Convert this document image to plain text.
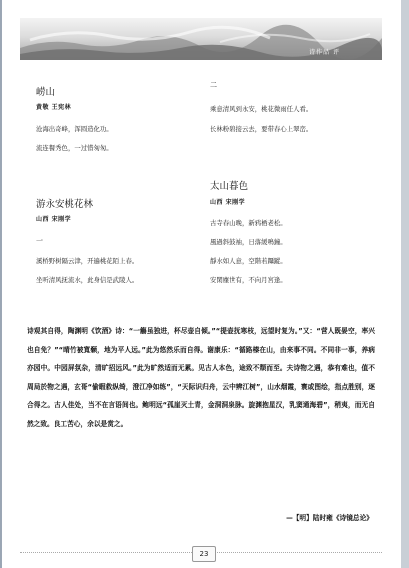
诗作品 评
崂山
黄敬 王宪林
沧海出奇峰，浑圆造化功。
流连餐秀色，一过惜匆匆。
游永安桃花林
山西 宋刚学
一
溪桥野树隔云津，开遍桃花陌上春。
坐听清风抚流水，此身信是武陵人。
二
乘意清风到永安，桃花微雨任人看。
长林粉碧接云去，要带春心上翠峦。
太山暮色
山西 宋刚学
古寺春山晚，新鸦栖老松。
風過斜鼓袖，日落緩鳴鐘。
靜水如人意，空階若躡蹤。
安閑塵世有，不向月宮逢。
诗观其自得，陶渊明《饮酒》诗：“一觴虽独进，杯尽壶自倾。”“提壶抚寒枝，远望时复为。”又：“营人既晏空，率兴也自免？”“晴竹被寬颡，地为平人远。”此为悠然乐而自得。谢康乐：“循路榛在山，由来事不同。不同非一事，养病亦园中。中园屏氛杂，清旷招远风。”此为旷然适而无累。见古人本色，途致不颓而至。夫诗物之遇，恭有难也，值不周局於物之遇，玄哥“偷暇救纵绮，澄江净如练”，“天际识归舟，云中辨江树”，山水烟霞，寰或图绘，指点胜别，逐合得之。古人佳处，当不在言语间也。鲍明远“孤崖灭土青，金洞洞泉脉。旋渊抱星汉，乳窦通海碧”，稍夷，而无自然之致。良工苦心，余以是赏之。
—【明】陆时雍《诗镜总论》
23
